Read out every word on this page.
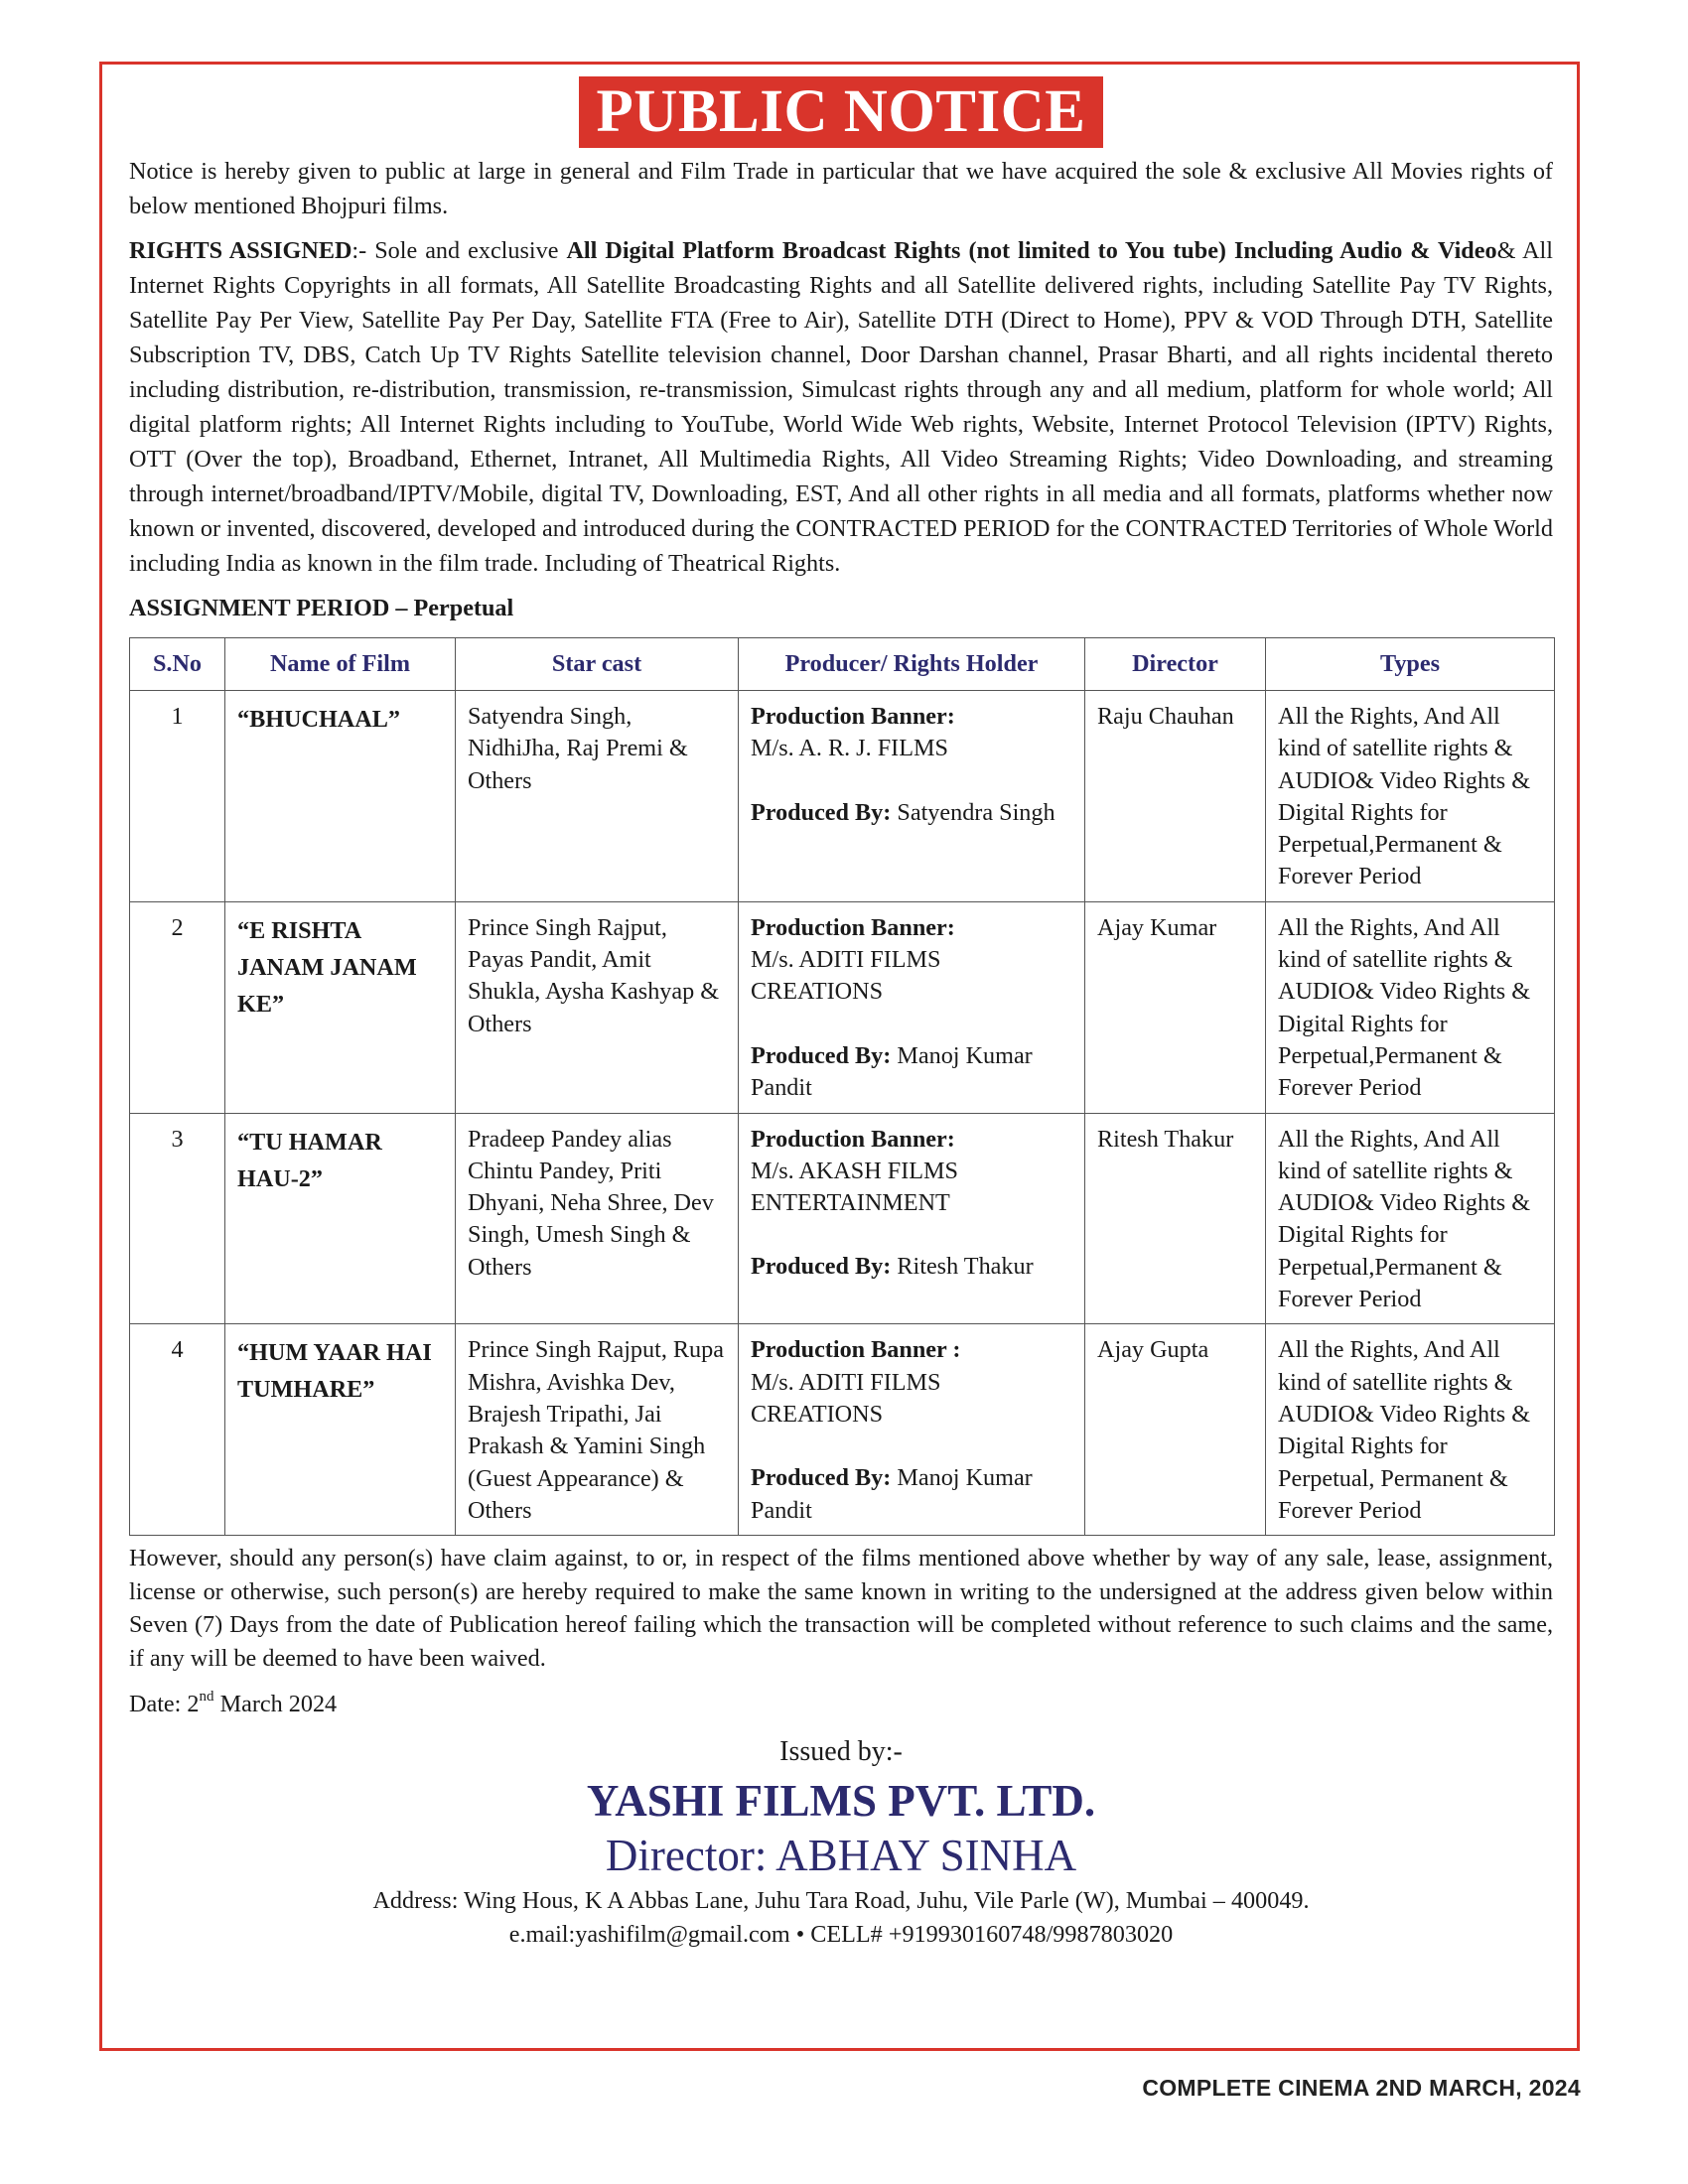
PUBLIC NOTICE

Notice is hereby given to public at large in general and Film Trade in particular that we have acquired the sole & exclusive All Movies rights of below mentioned Bhojpuri films.

RIGHTS ASSIGNED:- Sole and exclusive All Digital Platform Broadcast Rights (not limited to You tube) Including Audio & Video& All Internet Rights Copyrights in all formats, All Satellite Broadcasting Rights and all Satellite delivered rights, including Satellite Pay TV Rights, Satellite Pay Per View, Satellite Pay Per Day, Satellite FTA (Free to Air), Satellite DTH (Direct to Home), PPV & VOD Through DTH, Satellite Subscription TV, DBS, Catch Up TV Rights Satellite television channel, Door Darshan channel, Prasar Bharti, and all rights incidental thereto including distribution, re-distribution, transmission, re-transmission, Simulcast rights through any and all medium, platform for whole world; All digital platform rights; All Internet Rights including to YouTube, World Wide Web rights, Website, Internet Protocol Television (IPTV) Rights, OTT (Over the top), Broadband, Ethernet, Intranet, All Multimedia Rights, All Video Streaming Rights; Video Downloading, and streaming through internet/broadband/IPTV/Mobile, digital TV, Downloading, EST, And all other rights in all media and all formats, platforms whether now known or invented, discovered, developed and introduced during the CONTRACTED PERIOD for the CONTRACTED Territories of Whole World including India as known in the film trade. Including of Theatrical Rights.

ASSIGNMENT PERIOD – Perpetual

S.No	Name of Film	Star cast	Producer/ Rights Holder	Director	Types
1	“BHUCHAAL”	Satyendra Singh, NidhiJha, Raj Premi & Others	Production Banner:
M/s. A. R. J. FILMS
Produced By: Satyendra Singh	Raju Chauhan	All the Rights, And All kind of satellite rights & AUDIO& Video Rights & Digital Rights for Perpetual,Permanent & Forever Period
2	“E RISHTA JANAM JANAM KE”	Prince Singh Rajput, Payas Pandit, Amit Shukla, Aysha Kashyap & Others	Production Banner:
M/s. ADITI FILMS CREATIONS
Produced By: Manoj Kumar Pandit	Ajay Kumar	All the Rights, And All kind of satellite rights & AUDIO& Video Rights & Digital Rights for Perpetual,Permanent & Forever Period
3	“TU HAMAR HAU-2”	Pradeep Pandey alias Chintu Pandey, Priti Dhyani, Neha Shree, Dev Singh, Umesh Singh & Others	Production Banner:
M/s. AKASH FILMS ENTERTAINMENT
Produced By: Ritesh Thakur	Ritesh Thakur	All the Rights, And All kind of satellite rights & AUDIO& Video Rights & Digital Rights for Perpetual,Permanent & Forever Period
4	“HUM YAAR HAI TUMHARE”	Prince Singh Rajput, Rupa Mishra, Avishka Dev, Brajesh Tripathi, Jai Prakash & Yamini Singh (Guest Appearance) & Others	Production Banner :
M/s. ADITI FILMS CREATIONS
Produced By: Manoj Kumar Pandit	Ajay Gupta	All the Rights, And All kind of satellite rights & AUDIO& Video Rights & Digital Rights for Perpetual, Permanent & Forever Period

However, should any person(s) have claim against, to or, in respect of the films mentioned above whether by way of any sale, lease, assignment, license or otherwise, such person(s) are hereby required to make the same known in writing to the undersigned at the address given below within Seven (7) Days from the date of Publication hereof failing which the transaction will be completed without reference to such claims and the same, if any will be deemed to have been waived.

Date: 2nd March 2024

Issued by:-
YASHI FILMS PVT. LTD.
Director: ABHAY SINHA
Address: Wing Hous, K A Abbas Lane, Juhu Tara Road, Juhu, Vile Parle (W), Mumbai – 400049.
e.mail:yashifilm@gmail.com • CELL# +919930160748/9987803020
COMPLETE CINEMA 2ND MARCH, 2024
